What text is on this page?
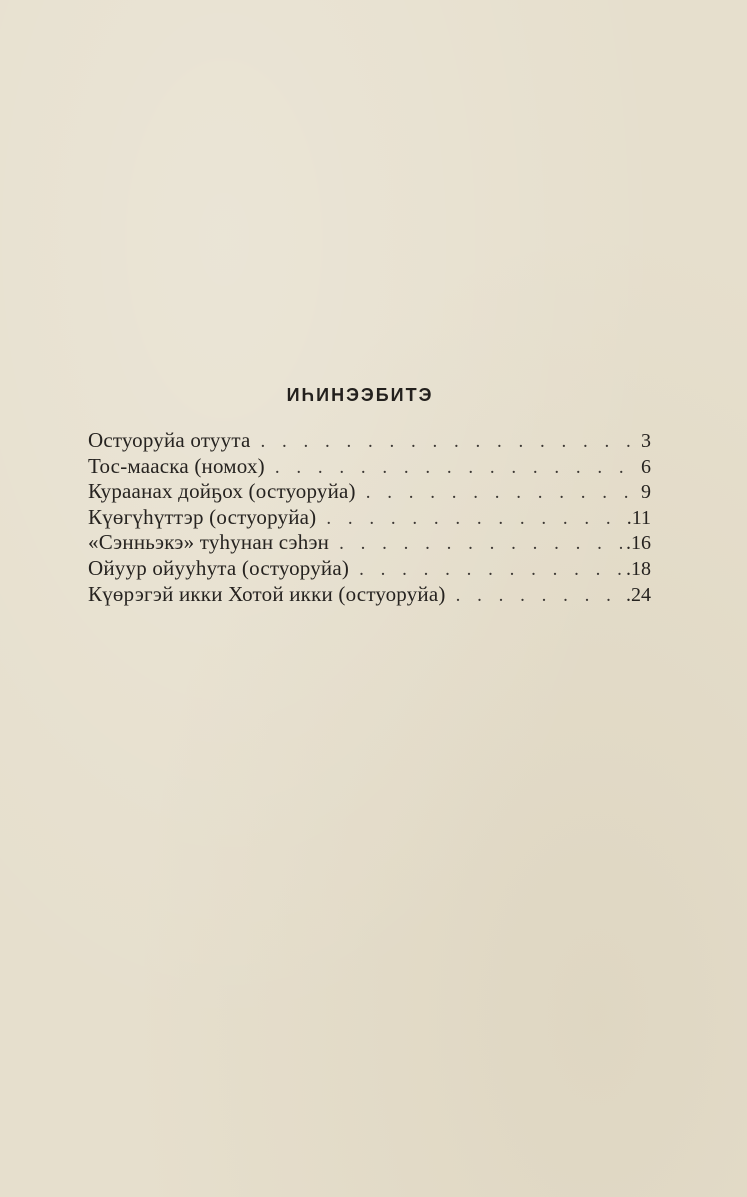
ИҺИНЭЭБИТЭ
Остуоруйа отуута . . .	3
Тос-мааска (номох) . . .	6
Кураанах дойҕох (остуоруйа) . . .	9
Күөгүһүттэр (остуоруйа) . . .	.11
«Сэнньэкэ» туһунан сэһэн . . .	.16
Ойуур ойууһута (остуоруйа) . . .	.18
Күөрэгэй икки Хотой икки (остуоруйа) . . .	.24
